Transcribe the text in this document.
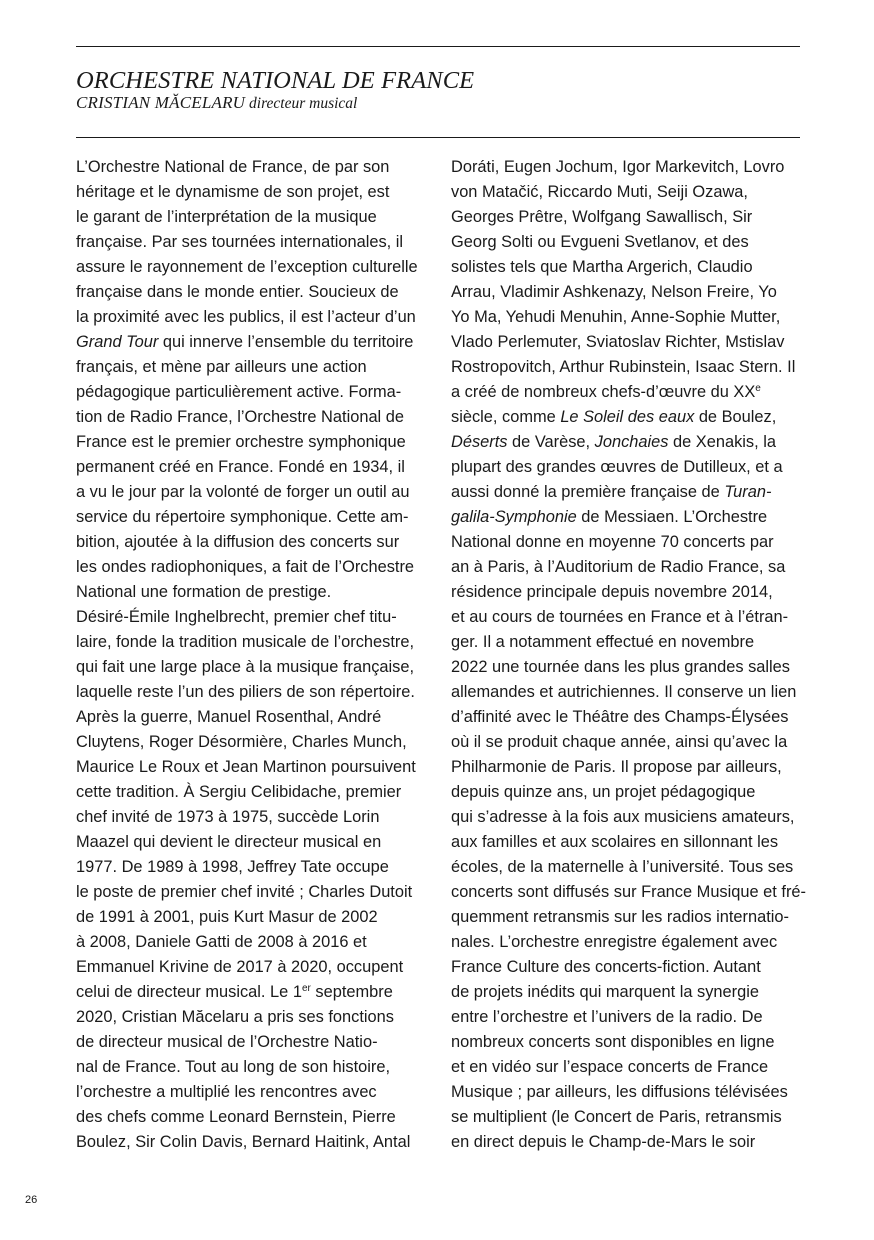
ORCHESTRE NATIONAL DE FRANCE
CRISTIAN MĂCELARU directeur musical
L’Orchestre National de France, de par son
héritage et le dynamisme de son projet, est
le garant de l’interprétation de la musique
française. Par ses tournées internationales, il
assure le rayonnement de l’exception culturelle
française dans le monde entier. Soucieux de
la proximité avec les publics, il est l’acteur d’un
Grand Tour qui innerve l’ensemble du territoire
français, et mène par ailleurs une action
pédagogique particulièrement active. Forma-
tion de Radio France, l’Orchestre National de
France est le premier orchestre symphonique
permanent créé en France. Fondé en 1934, il
a vu le jour par la volonté de forger un outil au
service du répertoire symphonique. Cette am-
bition, ajoutée à la diffusion des concerts sur
les ondes radiophoniques, a fait de l’Orchestre
National une formation de prestige.
Désiré-Émile Inghelbrecht, premier chef titu-
laire, fonde la tradition musicale de l’orchestre,
qui fait une large place à la musique française,
laquelle reste l’un des piliers de son répertoire.
Après la guerre, Manuel Rosenthal, André
Cluytens, Roger Désormière, Charles Munch,
Maurice Le Roux et Jean Martinon poursuivent
cette tradition. À Sergiu Celibidache, premier
chef invité de 1973 à 1975, succède Lorin
Maazel qui devient le directeur musical en
1977. De 1989 à 1998, Jeffrey Tate occupe
le poste de premier chef invité ; Charles Dutoit
de 1991 à 2001, puis Kurt Masur de 2002
à 2008, Daniele Gatti de 2008 à 2016 et
Emmanuel Krivine de 2017 à 2020, occupent
celui de directeur musical. Le 1er septembre
2020, Cristian Măcelaru a pris ses fonctions
de directeur musical de l’Orchestre Natio-
nal de France. Tout au long de son histoire,
l’orchestre a multiplié les rencontres avec
des chefs comme Leonard Bernstein, Pierre
Boulez, Sir Colin Davis, Bernard Haitink, Antal
Doráti, Eugen Jochum, Igor Markevitch, Lovro
von Matačić, Riccardo Muti, Seiji Ozawa,
Georges Prêtre, Wolfgang Sawallisch, Sir
Georg Solti ou Evgueni Svetlanov, et des
solistes tels que Martha Argerich, Claudio
Arrau, Vladimir Ashkenazy, Nelson Freire, Yo
Yo Ma, Yehudi Menuhin, Anne-Sophie Mutter,
Vlado Perlemuter, Sviatoslav Richter, Mstislav
Rostropovitch, Arthur Rubinstein, Isaac Stern. Il
a créé de nombreux chefs-d’œuvre du XXe
siècle, comme Le Soleil des eaux de Boulez,
Déserts de Varèse, Jonchaies de Xenakis, la
plupart des grandes œuvres de Dutilleux, et a
aussi donné la première française de Turan-
galila-Symphonie de Messiaen. L’Orchestre
National donne en moyenne 70 concerts par
an à Paris, à l’Auditorium de Radio France, sa
résidence principale depuis novembre 2014,
et au cours de tournées en France et à l’étran-
ger. Il a notamment effectué en novembre
2022 une tournée dans les plus grandes salles
allemandes et autrichiennes. Il conserve un lien
d’affinité avec le Théâtre des Champs-Élysées
où il se produit chaque année, ainsi qu’avec la
Philharmonie de Paris. Il propose par ailleurs,
depuis quinze ans, un projet pédagogique
qui s’adresse à la fois aux musiciens amateurs,
aux familles et aux scolaires en sillonnant les
écoles, de la maternelle à l’université. Tous ses
concerts sont diffusés sur France Musique et fré-
quemment retransmis sur les radios internatio-
nales. L’orchestre enregistre également avec
France Culture des concerts-fiction. Autant
de projets inédits qui marquent la synergie
entre l’orchestre et l’univers de la radio. De
nombreux concerts sont disponibles en ligne
et en vidéo sur l’espace concerts de France
Musique ; par ailleurs, les diffusions télévisées
se multiplient (le Concert de Paris, retransmis
en direct depuis le Champ-de-Mars le soir
26
